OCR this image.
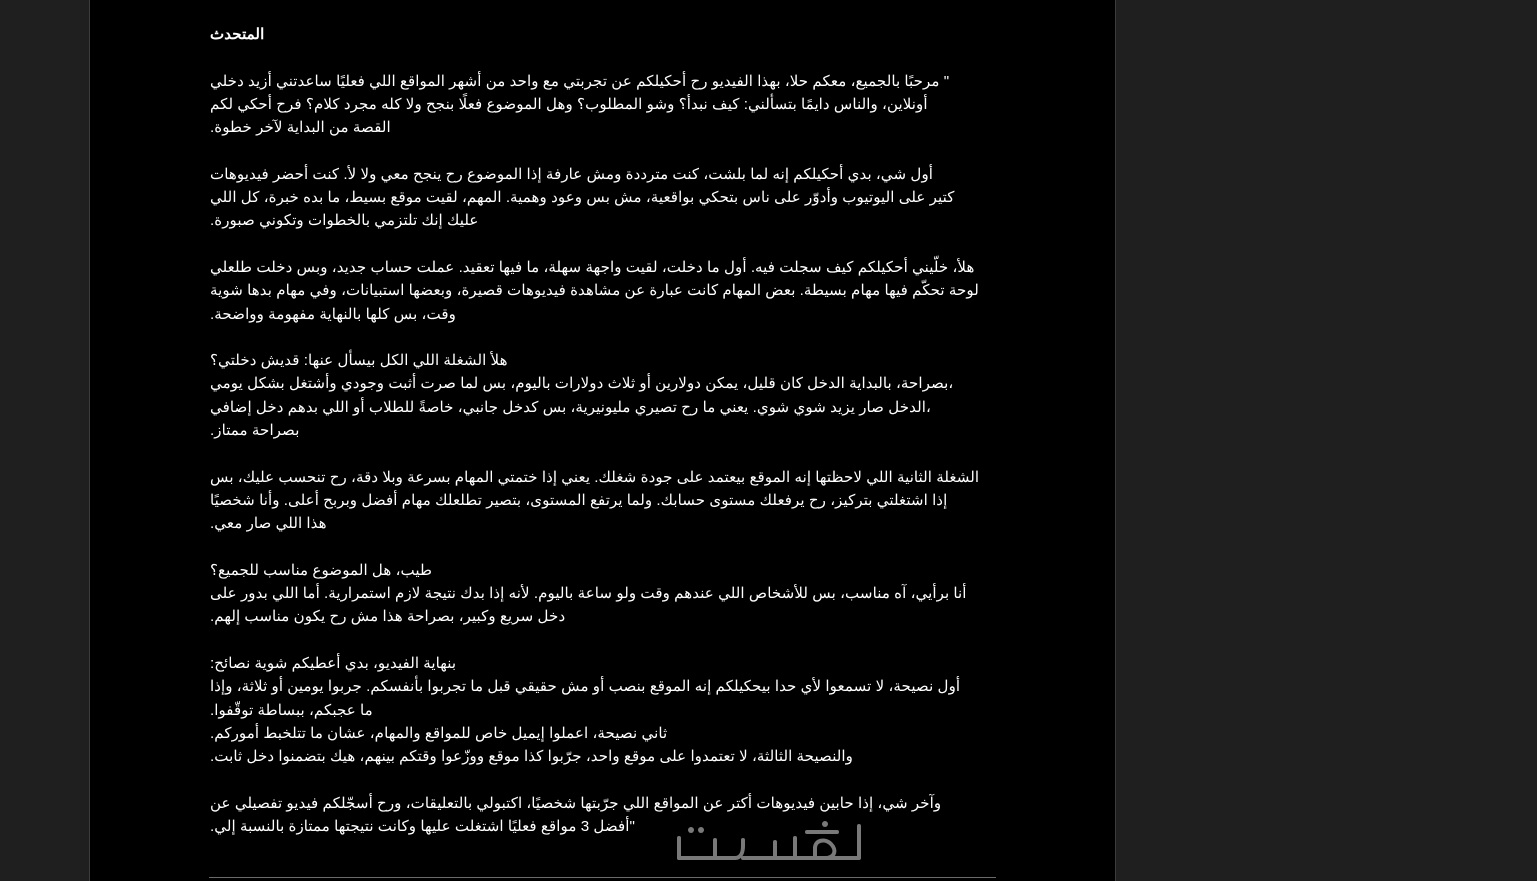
المتحدث
مرحبًا بالجميع، معكم حلا، بهذا الفيديو رح أحكيلكم عن تجربتي مع واحد من أشهر المواقع اللي فعليًا ساعدتني أزيد دخلي "
أونلاين، والناس دايمًا بتسألني: كيف نبدأ؟ وشو المطلوب؟ وهل الموضوع فعلًا بنجح ولا كله مجرد كلام؟ فرح أحكي لكم
.القصة من البداية لآخر خطوة
أول شي، بدي أحكيلكم إنه لما بلشت، كنت مترددة ومش عارفة إذا الموضوع رح ينجح معي ولا لأ. كنت أحضر فيديوهات
كتير على اليوتيوب وأدوّر على ناس بتحكي بواقعية، مش بس وعود وهمية. المهم، لقيت موقع بسيط، ما بده خبرة، كل اللي
.عليك إنك تلتزمي بالخطوات وتكوني صبورة
هلأ، خلّيني أحكيلكم كيف سجلت فيه. أول ما دخلت، لقيت واجهة سهلة، ما فيها تعقيد. عملت حساب جديد، وبس دخلت طلعلي
لوحة تحكّم فيها مهام بسيطة. بعض المهام كانت عبارة عن مشاهدة فيديوهات قصيرة، وبعضها استبيانات، وفي مهام بدها شوية
.وقت، بس كلها بالنهاية مفهومة وواضحة
هلأ الشغلة اللي الكل بيسأل عنها: قديش دخلتي؟
بصراحة، بالبداية الدخل كان قليل، يمكن دولارين أو ثلاث دولارات باليوم، بس لما صرت أثبت وجودي وأشتغل بشكل يومي،
الدخل صار يزيد شوي شوي. يعني ما رح تصيري مليونيرية، بس كدخل جانبي، خاصةً للطلاب أو اللي بدهم دخل إضافي،
.بصراحة ممتاز
الشغلة الثانية اللي لاحظتها إنه الموقع بيعتمد على جودة شغلك. يعني إذا ختمتي المهام بسرعة وبلا دقة، رح تنحسب عليك، بس
إذا اشتغلتي بتركيز، رح يرفعلك مستوى حسابك. ولما يرتفع المستوى، بتصير تطلعلك مهام أفضل وبربح أعلى. وأنا شخصيًا
.هذا اللي صار معي
طيب، هل الموضوع مناسب للجميع؟
أنا برأيي، آه مناسب، بس للأشخاص اللي عندهم وقت ولو ساعة باليوم. لأنه إذا بدك نتيجة لازم استمرارية. أما اللي بدور على
.دخل سريع وكبير، بصراحة هذا مش رح يكون مناسب إلهم
:بنهاية الفيديو، بدي أعطيكم شوية نصائح
أول نصيحة، لا تسمعوا لأي حدا بيحكيلكم إنه الموقع بنصب أو مش حقيقي قبل ما تجربوا بأنفسكم. جربوا يومين أو ثلاثة، وإذا
.ما عجبكم، ببساطة توقّفوا
.ثاني نصيحة، اعملوا إيميل خاص للمواقع والمهام، عشان ما تتلخبط أموركم
.والنصيحة الثالثة، لا تعتمدوا على موقع واحد، جرّبوا كذا موقع ووزّعوا وقتكم بينهم، هيك بتضمنوا دخل ثابت
وآخر شي، إذا حابين فيديوهات أكتر عن المواقع اللي جرّبتها شخصيًا، اكتبولي بالتعليقات، ورح أسجّلكم فيديو تفصيلي عن
.أفضل 3 مواقع فعليًا اشتغلت عليها وكانت نتيجتها ممتازة بالنسبة إلي"
